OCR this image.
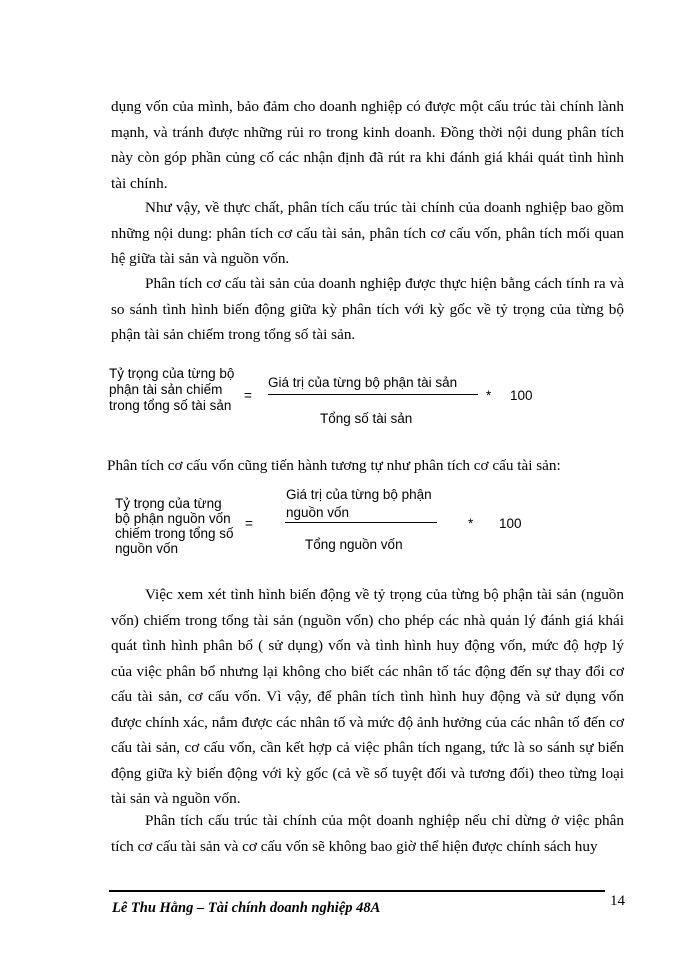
dụng vốn của mình, bảo đảm cho doanh nghiệp có được một cấu trúc tài chính lành mạnh, và tránh được những rủi ro trong kinh doanh. Đồng thời nội dung phân tích này còn góp phần củng cố các nhận định đã rút ra khi đánh giá khái quát tình hình tài chính.

Như vậy, về thực chất, phân tích cấu trúc tài chính của doanh nghiệp bao gồm những nội dung: phân tích cơ cấu tài sản, phân tích cơ cấu vốn, phân tích mối quan hệ giữa tài sản và nguồn vốn.

Phân tích cơ cấu tài sản của doanh nghiệp được thực hiện bằng cách tính ra và so sánh tình hình biến động giữa kỳ phân tích với kỳ gốc về tỷ trọng của từng bộ phận tài sản chiếm trong tổng số tài sản.

Tỷ trọng của từng bộ phận tài sản chiếm trong tổng số tài sản
=
Giá trị của từng bộ phận tài sản
Tổng số tài sản
* 100
Phân tích cơ cấu vốn cũng tiến hành tương tự như phân tích cơ cấu tài sản:
Tỷ trọng của từng bộ phận nguồn vốn chiếm trong tổng số nguồn vốn
=
Giá trị của từng bộ phận nguồn vốn
Tổng nguồn vốn
* 100

Việc xem xét tình hình biến động về tỷ trọng của từng bộ phận tài sản (nguồn vốn) chiếm trong tổng tài sản (nguồn vốn) cho phép các nhà quản lý đánh giá khái quát tình hình phân bổ ( sử dụng) vốn và tình hình huy động vốn, mức độ hợp lý của việc phân bổ nhưng lại không cho biết các nhân tố tác động đến sự thay đổi cơ cấu tài sản, cơ cấu vốn. Vì vậy, để phân tích tình hình huy động và sử dụng vốn được chính xác, nắm được các nhân tố và mức độ ảnh hưởng của các nhân tố đến cơ cấu tài sản, cơ cấu vốn, cần kết hợp cả việc phân tích ngang, tức là so sánh sự biến động giữa kỳ biến động với kỳ gốc (cả về số tuyệt đối và tương đối) theo từng loại tài sản và nguồn vốn.

Phân tích cấu trúc tài chính của một doanh nghiệp nếu chỉ dừng ở việc phân tích cơ cấu tài sản và cơ cấu vốn sẽ không bao giờ thể hiện được chính sách huy

Lê Thu Hằng – Tài chính doanh nghiệp 48A	14
